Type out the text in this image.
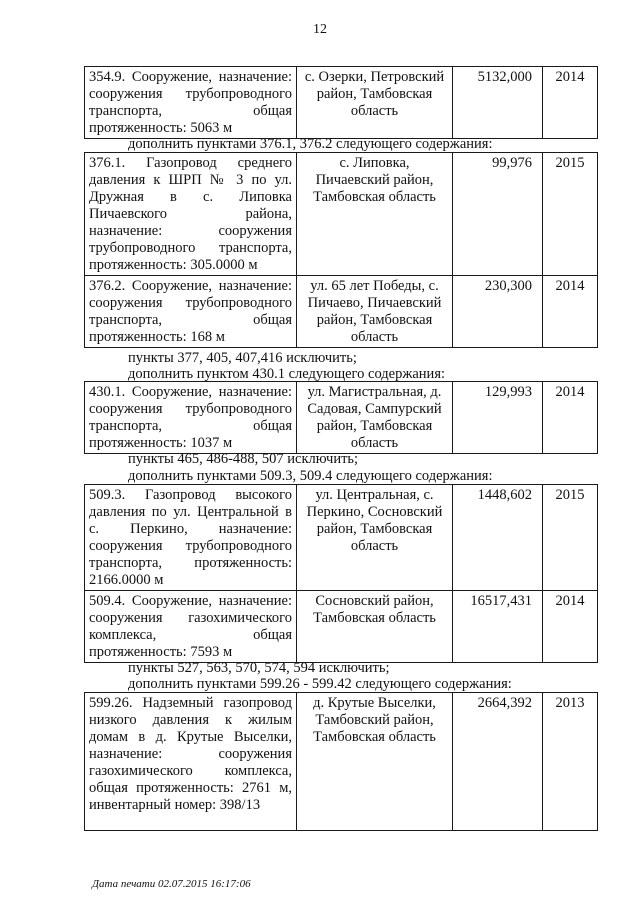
12
354.9. Сооружение, назначение: сооружения трубопроводного транспорта, общая протяженность: 5063 м	с. Озерки, Петровский район, Тамбовская область	5132,000	2014
дополнить пунктами 376.1, 376.2 следующего содержания:
376.1. Газопровод среднего давления к ШРП № 3 по ул. Дружная в с. Липовка Пичаевского района, назначение: сооружения трубопроводного транспорта, протяженность: 305.0000 м	с. Липовка, Пичаевский район, Тамбовская область	99,976	2015
376.2. Сооружение, назначение: сооружения трубопроводного транспорта, общая протяженность: 168 м	ул. 65 лет Победы, с. Пичаево, Пичаевский район, Тамбовская область	230,300	2014
пункты 377, 405, 407,416 исключить;
дополнить пунктом 430.1 следующего содержания:
430.1. Сооружение, назначение: сооружения трубопроводного транспорта, общая протяженность: 1037 м	ул. Магистральная, д. Садовая, Сампурский район, Тамбовская область	129,993	2014
пункты 465, 486-488, 507 исключить;
дополнить пунктами 509.3, 509.4 следующего содержания:
509.3. Газопровод высокого давления по ул. Центральной в с. Перкино, назначение: сооружения трубопроводного транспорта, протяженность: 2166.0000 м	ул. Центральная, с. Перкино, Сосновский район, Тамбовская область	1448,602	2015
509.4. Сооружение, назначение: сооружения газохимического комплекса, общая протяженность: 7593 м	Сосновский район, Тамбовская область	16517,431	2014
пункты 527, 563, 570, 574, 594 исключить;
дополнить пунктами 599.26 - 599.42 следующего содержания:
599.26. Надземный газопровод низкого давления к жилым домам в д. Крутые Выселки, назначение: сооружения газохимического комплекса, общая протяженность: 2761 м, инвентарный номер: 398/13	д. Крутые Выселки, Тамбовский район, Тамбовская область	2664,392	2013
Дата печати 02.07.2015 16:17:06
